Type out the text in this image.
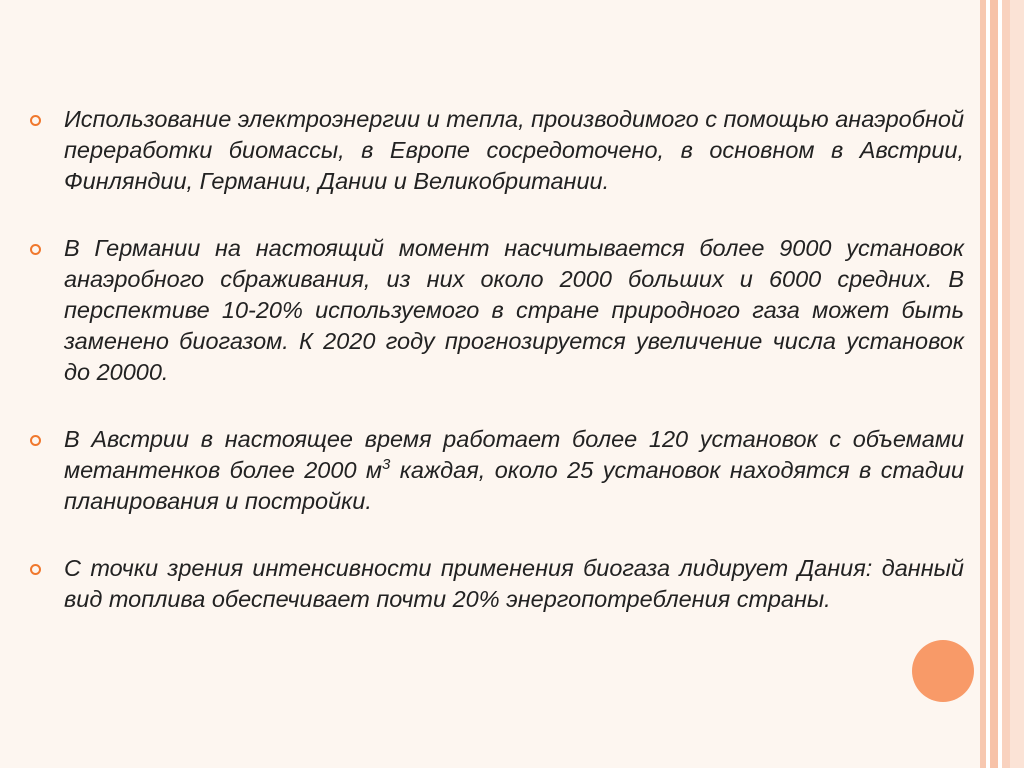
Использование электроэнергии и тепла, производимого с помощью анаэробной переработки биомассы, в Европе сосредоточено, в основном в Австрии, Финляндии, Германии, Дании и Великобритании.

В Германии на настоящий момент насчитывается более 9000 установок анаэробного сбраживания, из них около 2000 больших и 6000 средних. В перспективе 10-20% используемого в стране природного газа может быть заменено биогазом. К 2020 году прогнозируется увеличение числа установок до 20000.

В Австрии в настоящее время работает более 120 установок с объемами метантенков более 2000 $м^3$ каждая, около 25 установок находятся в стадии планирования и постройки.

С точки зрения интенсивности применения биогаза лидирует Дания: данный вид топлива обеспечивает почти 20% энергопотребления страны.
